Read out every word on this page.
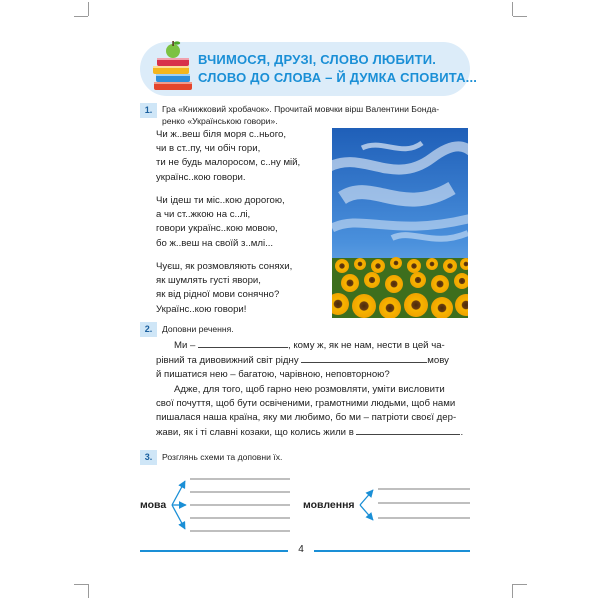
ВЧИМОСЯ, ДРУЗІ, СЛОВО ЛЮБИТИ.
СЛОВО ДО СЛОВА – Й ДУМКА СПОВИТА...
1.	Гра «Книжковий хробачок». Прочитай мовчки вірш Валентини Бонда-
ренко «Українською говори».
Чи ж..веш біля моря с..нього,
чи в ст..пу, чи обіч гори,
ти не будь малоросом, с..ну мій,
українс..кою говори.
Чи ідеш ти міс..кою дорогою,
а чи ст..жкою на с..лі,
говори українс..кою мовою,
бо ж..веш на своїй з..млі...
Чуєш, як розмовляють соняхи,
як шумлять густі явори,
як від рідної мови сонячно?
Українс..кою говори!
2.	Доповни речення.
Ми –	, кому ж, як не нам, нести в цей ча-
рівний та дивовижний світ рідну	мову
й пишатися нею – багатою, чарівною, неповторною?
Адже, для того, щоб гарно нею розмовляти, уміти висловити
свої почуття, щоб бути освіченими, грамотними людьми, щоб нами
пишалася наша країна, яку ми любимо, бо ми – патріоти своєї дер-
жави, як і ті славні козаки, що колись жили в	.
3.	Розглянь схеми та доповни їх.
мова	мовлення
4
